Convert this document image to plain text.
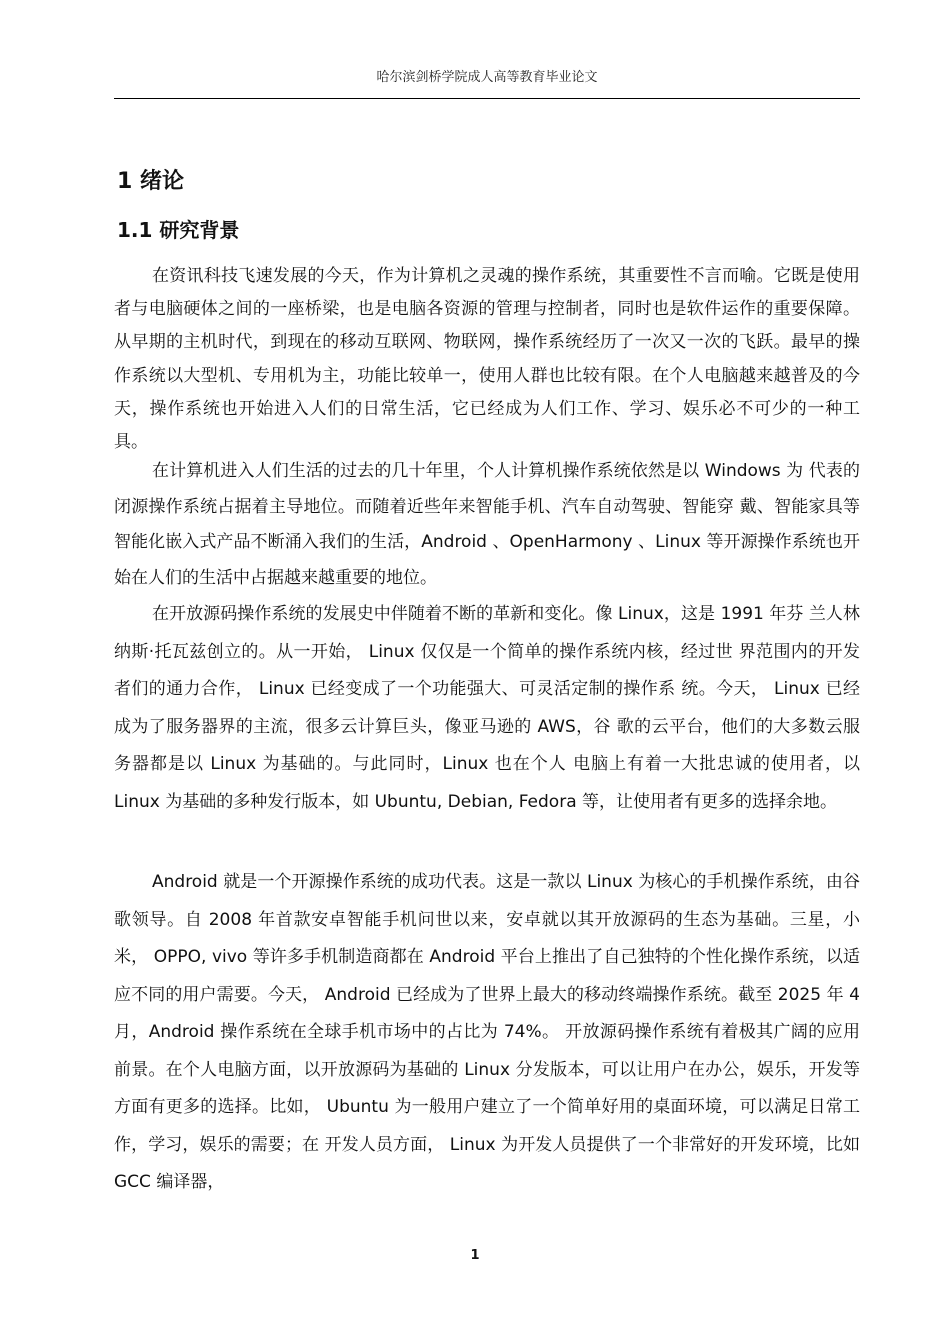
哈尔滨剑桥学院成人高等教育毕业论文
1 绪论
1.1 研究背景
在资讯科技飞速发展的今天，作为计算机之灵魂的操作系统，其重要性不言而喻。它既是使用者与电脑硬体之间的一座桥梁，也是电脑各资源的管理与控制者，同时也是软件运作的重要保障。从早期的主机时代，到现在的移动互联网、物联网，操作系统经历了一次又一次的飞跃。最早的操作系统以大型机、专用机为主，功能比较单一，使用人群也比较有限。在个人电脑越来越普及的今天，操作系统也开始进入人们的日常生活，它已经成为人们工作、学习、娱乐必不可少的一种工具。
在计算机进入人们生活的过去的几十年里，个人计算机操作系统依然是以 Windows 为 代表的闭源操作系统占据着主导地位。而随着近些年来智能手机、汽车自动驾驶、智能穿 戴、智能家具等智能化嵌入式产品不断涌入我们的生活，Android 、OpenHarmony 、Linux 等开源操作系统也开始在人们的生活中占据越来越重要的地位。
在开放源码操作系统的发展史中伴随着不断的革新和变化。像 Linux，这是 1991 年芬 兰人林纳斯·托瓦兹创立的。从一开始， Linux 仅仅是一个简单的操作系统内核，经过世 界范围内的开发者们的通力合作， Linux 已经变成了一个功能强大、可灵活定制的操作系 统。今天， Linux 已经成为了服务器界的主流，很多云计算巨头，像亚马逊的 AWS，谷 歌的云平台，他们的大多数云服务器都是以 Linux 为基础的。与此同时，Linux 也在个人 电脑上有着一大批忠诚的使用者，以 Linux 为基础的多种发行版本，如 Ubuntu, Debian, Fedora 等，让使用者有更多的选择余地。
Android 就是一个开源操作系统的成功代表。这是一款以 Linux 为核心的手机操作系统，由谷歌领导。自 2008 年首款安卓智能手机问世以来，安卓就以其开放源码的生态为基础。三星，小米， OPPO, vivo 等许多手机制造商都在 Android 平台上推出了自己独特的个性化操作系统，以适应不同的用户需要。今天， Android 已经成为了世界上最大的移动终端操作系统。截至 2025 年 4 月，Android 操作系统在全球手机市场中的占比为 74%。 开放源码操作系统有着极其广阔的应用前景。在个人电脑方面，以开放源码为基础的 Linux 分发版本，可以让用户在办公，娱乐，开发等方面有更多的选择。比如， Ubuntu 为一般用户建立了一个简单好用的桌面环境，可以满足日常工作，学习，娱乐的需要；在 开发人员方面， Linux 为开发人员提供了一个非常好的开发环境，比如 GCC 编译器，
1
